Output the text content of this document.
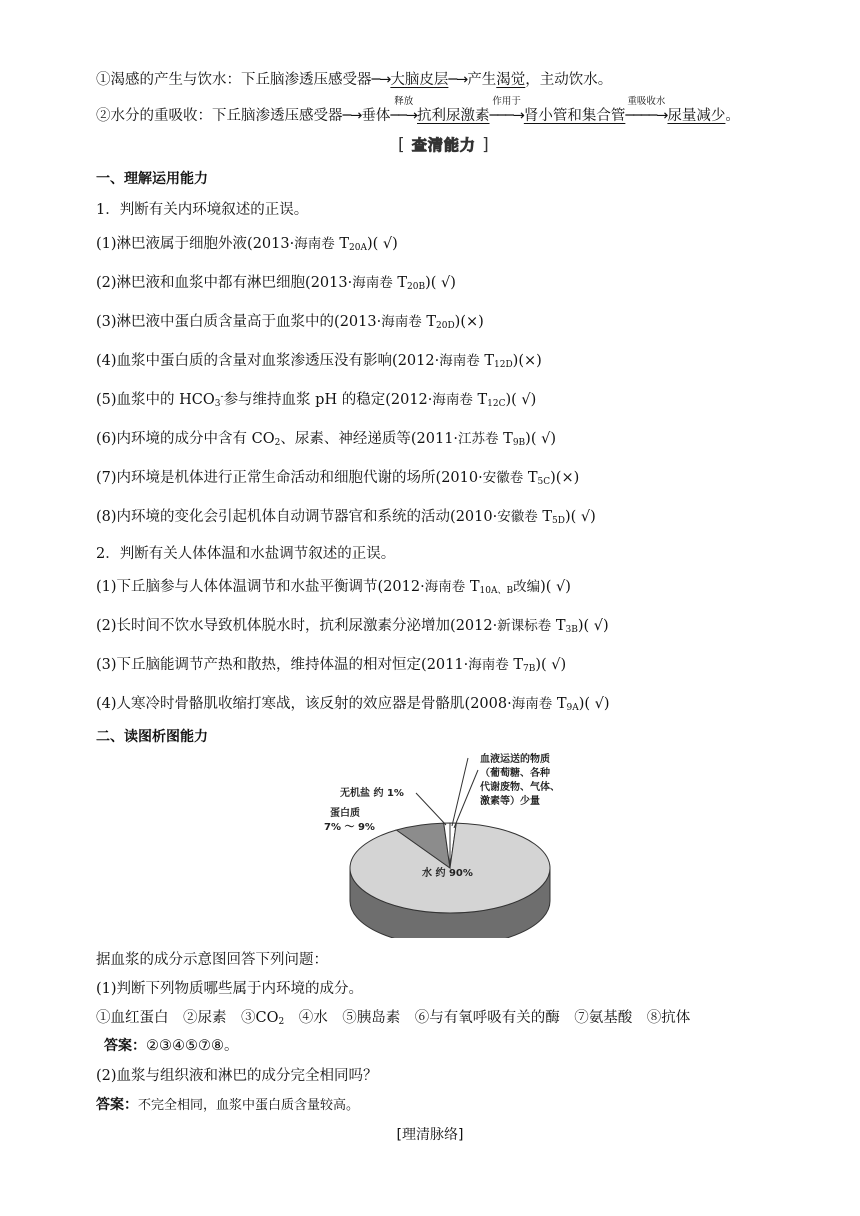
①渴感的产生与饮水：下丘脑渗透压感受器─→大脑皮层─→产生渴觉，主动饮水。
②水分的重吸收：下丘脑渗透压感受器─→垂体
释放
──→抗利尿激素
作用于
───→肾小管和集合管
重吸收水
────→尿量减少。
[ 查清能力 ]
一、理解运用能力
1．判断有关内环境叙述的正误。
(1)淋巴液属于细胞外液(2013·海南卷 $T_{20A}$)( √)
(2)淋巴液和血浆中都有淋巴细胞(2013·海南卷 $T_{20B}$)( √)
(3)淋巴液中蛋白质含量高于血浆中的(2013·海南卷 $T_{20D})(\times)$
(4)血浆中蛋白质的含量对血浆渗透压没有影响(2012·海南卷 $T_{12D})(\times)$
(5)血浆中的 $HCO_3^-$参与维持血浆 pH 的稳定(2012·海南卷 $T_{12C}$)( √)
(6)内环境的成分中含有 $CO_2$、尿素、神经递质等(2011·江苏卷 $T_{9B}$)( √)
(7)内环境是机体进行正常生命活动和细胞代谢的场所(2010·安徽卷 $T_{5C})(\times)$
(8)内环境的变化会引起机体自动调节器官和系统的活动(2010·安徽卷 $T_{5D}$)( √)
2．判断有关人体体温和水盐调节叙述的正误。
(1)下丘脑参与人体体温调节和水盐平衡调节(2012·海南卷 $T_{10A、B}$改编)( √)
(2)长时间不饮水导致机体脱水时，抗利尿激素分泌增加(2012·新课标卷 $T_{3B}$)( √)
(3)下丘脑能调节产热和散热，维持体温的相对恒定(2011·海南卷 $T_{7B}$)( √)
(4)人寒冷时骨骼肌收缩打寒战，该反射的效应器是骨骼肌(2008·海南卷 $T_{9A}$)( √)
二、读图析图能力
水 约 90%
蛋白质
7% ～ 9%
无机盐 约 1%
血液运送的物质
（葡萄糖、各种
代谢废物、气体、
激素等）少量
据血浆的成分示意图回答下列问题：
(1)判断下列物质哪些属于内环境的成分。
①血红蛋白　②尿素　$③CO_2$　④水　⑤胰岛素　⑥与有氧呼吸有关的酶　⑦氨基酸　⑧抗体
答案：②③④⑤⑦⑧。
(2)血浆与组织液和淋巴的成分完全相同吗？
答案：不完全相同，血浆中蛋白质含量较高。
[理清脉络]
